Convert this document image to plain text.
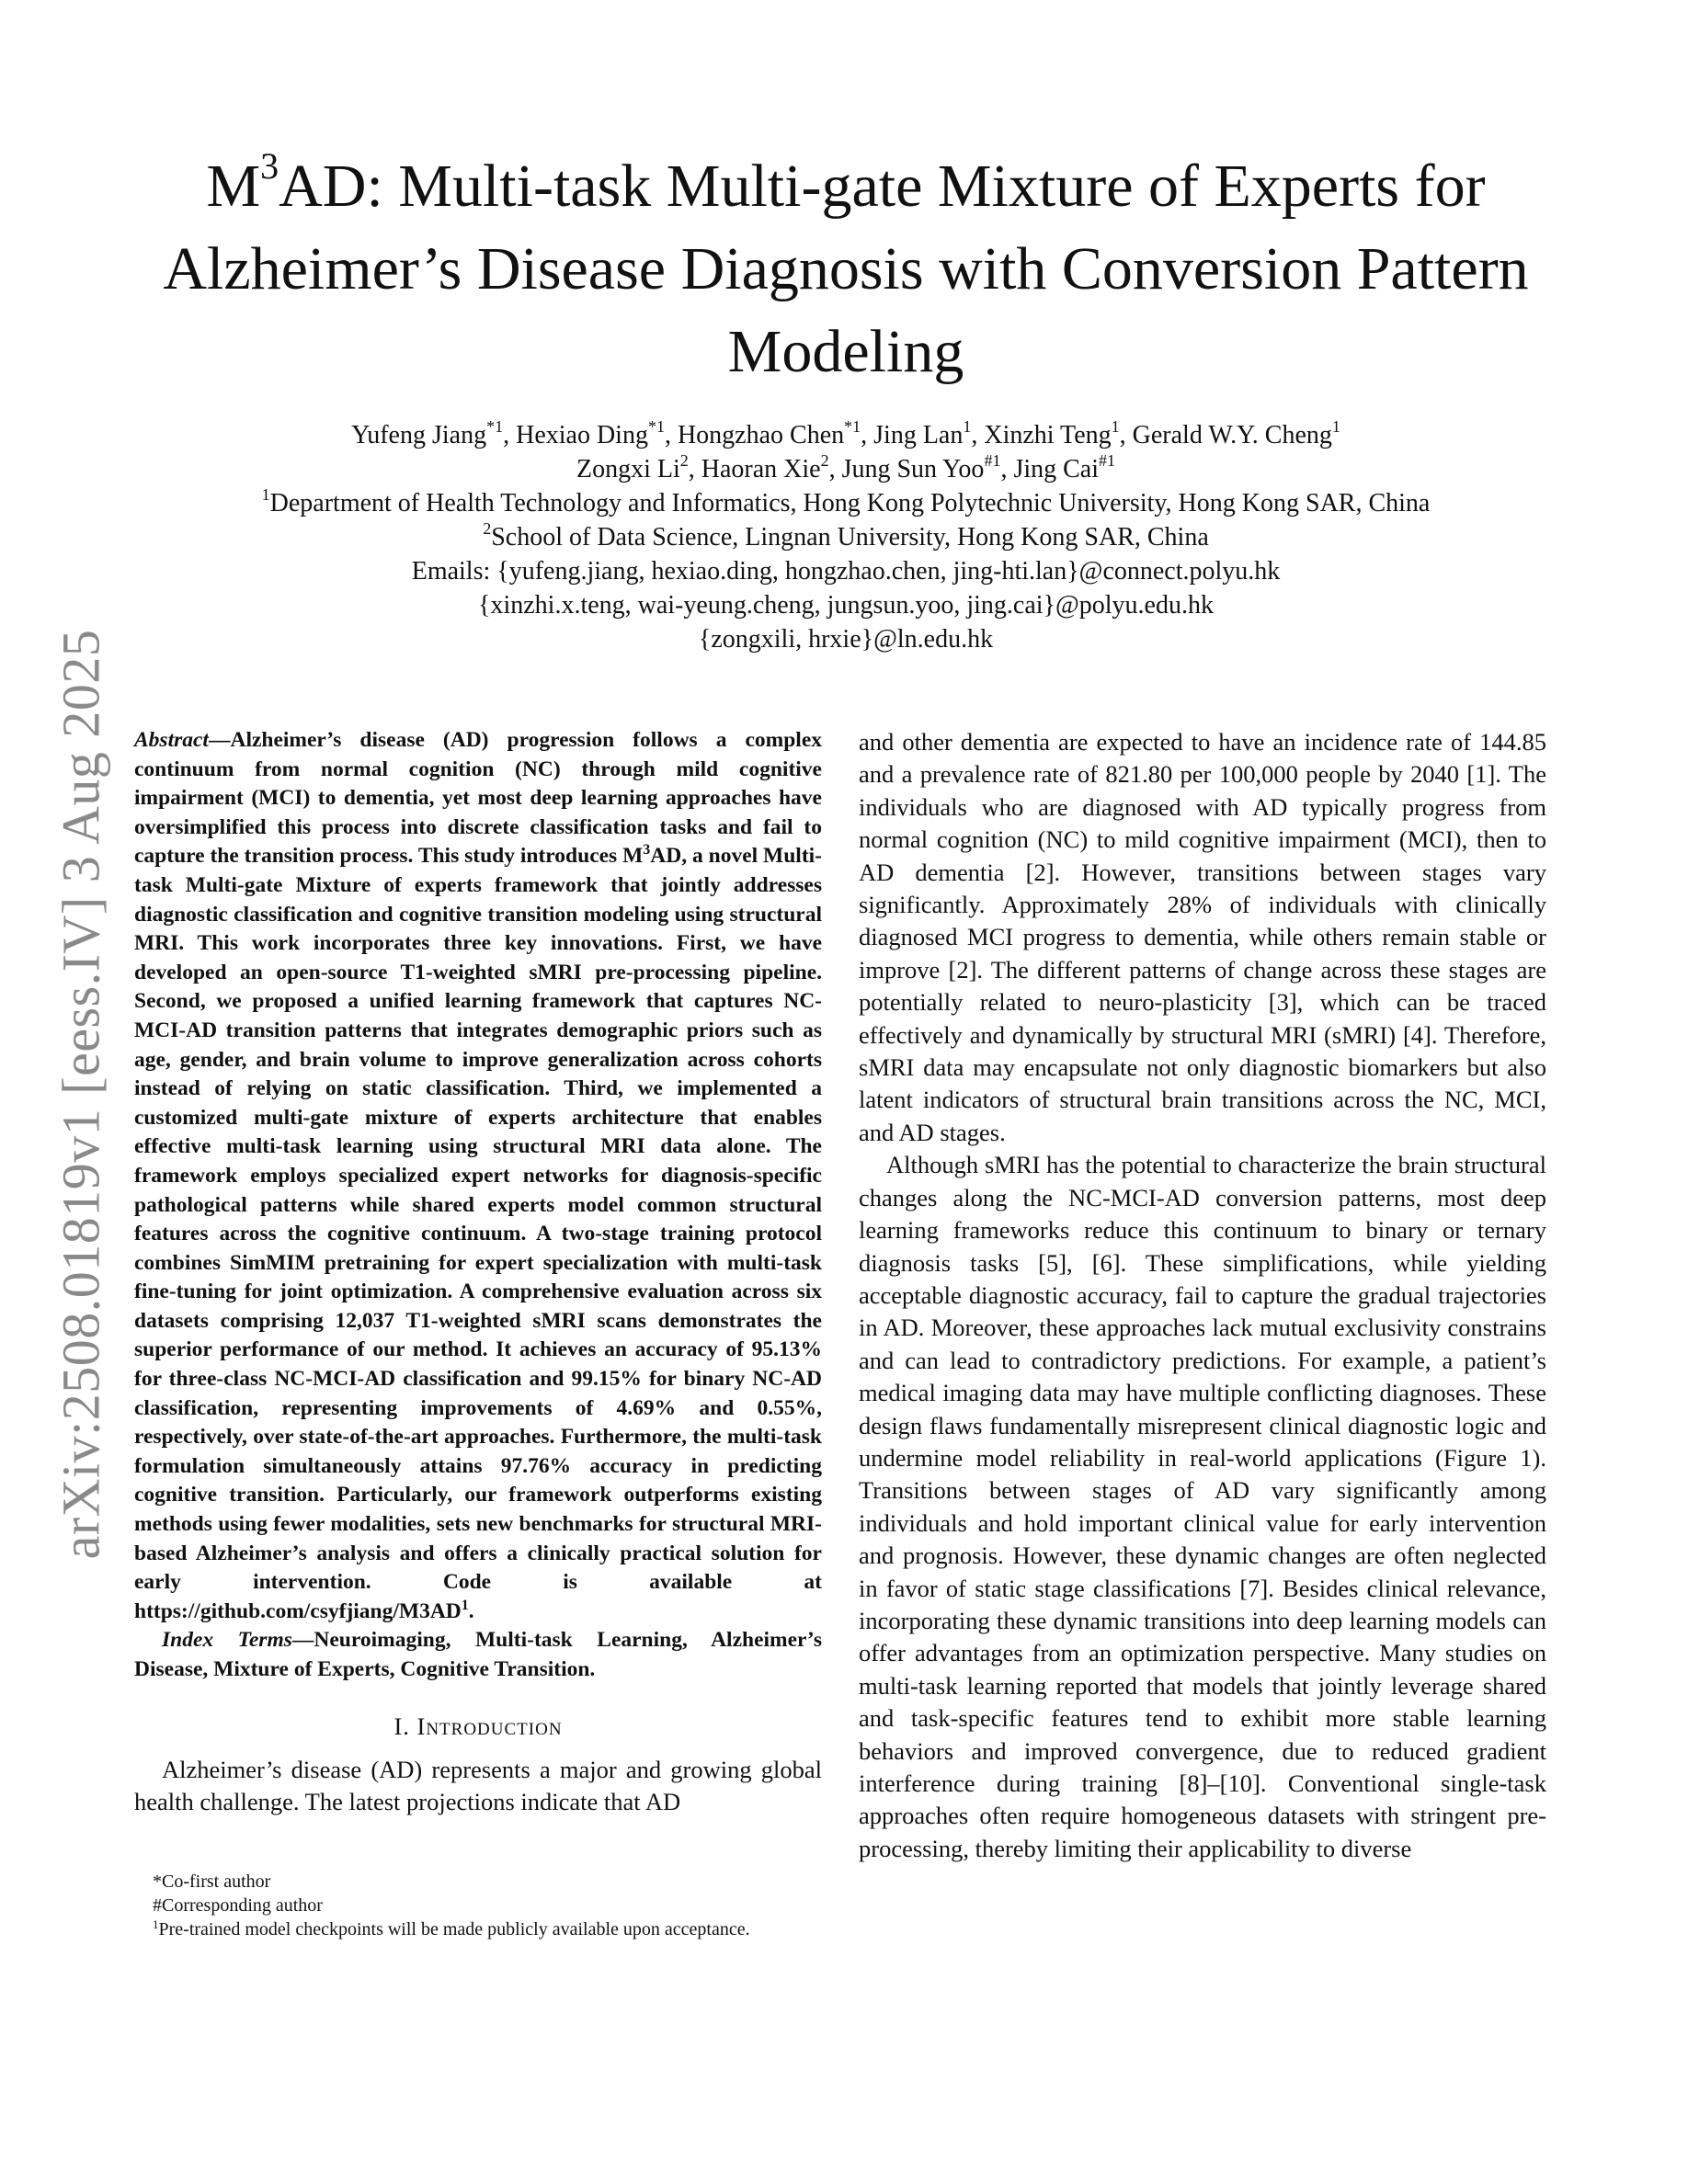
arXiv:2508.01819v1 [eess.IV] 3 Aug 2025
$M^3AD$: Multi-task Multi-gate Mixture of Experts for Alzheimer’s Disease Diagnosis with Conversion Pattern Modeling
Yufeng Jiang$^{*1}$, Hexiao Ding$^{*1}$, Hongzhao Chen$^{*1}$, Jing Lan$^1$, Xinzhi Teng$^1$, Gerald W.Y. Cheng$^1$
Zongxi Li$^2$, Haoran Xie$^2$, Jung Sun Yoo$^{\#1}$, Jing Cai$^{\#1}$
$^1$Department of Health Technology and Informatics, Hong Kong Polytechnic University, Hong Kong SAR, China
$^2$School of Data Science, Lingnan University, Hong Kong SAR, China
Emails: {yufeng.jiang, hexiao.ding, hongzhao.chen, jing-hti.lan}@connect.polyu.hk
{xinzhi.x.teng, wai-yeung.cheng, jungsun.yoo, jing.cai}@polyu.edu.hk
{zongxili, hrxie}@ln.edu.hk

Abstract—Alzheimer’s disease (AD) progression follows a complex continuum from normal cognition (NC) through mild cognitive impairment (MCI) to dementia, yet most deep learning approaches have oversimplified this process into discrete classification tasks and fail to capture the transition process. This study introduces $M^3AD$, a novel Multi-task Multi-gate Mixture of experts framework that jointly addresses diagnostic classification and cognitive transition modeling using structural MRI. This work incorporates three key innovations. First, we have developed an open-source T1-weighted sMRI pre-processing pipeline. Second, we proposed a unified learning framework that captures NC-MCI-AD transition patterns that integrates demographic priors such as age, gender, and brain volume to improve generalization across cohorts instead of relying on static classification. Third, we implemented a customized multi-gate mixture of experts architecture that enables effective multi-task learning using structural MRI data alone. The framework employs specialized expert networks for diagnosis-specific pathological patterns while shared experts model common structural features across the cognitive continuum. A two-stage training protocol combines SimMIM pretraining for expert specialization with multi-task fine-tuning for joint optimization. A comprehensive evaluation across six datasets comprising 12,037 T1-weighted sMRI scans demonstrates the superior performance of our method. It achieves an accuracy of 95.13% for three-class NC-MCI-AD classification and 99.15% for binary NC-AD classification, representing improvements of 4.69% and 0.55%, respectively, over state-of-the-art approaches. Furthermore, the multi-task formulation simultaneously attains 97.76% accuracy in predicting cognitive transition. Particularly, our framework outperforms existing methods using fewer modalities, sets new benchmarks for structural MRI-based Alzheimer’s analysis and offers a clinically practical solution for early intervention. Code is available at $https://github.com/csyfjiang/M3AD^1$.

Index Terms—Neuroimaging, Multi-task Learning, Alzheimer’s Disease, Mixture of Experts, Cognitive Transition.

I. Introduction

Alzheimer’s disease (AD) represents a major and growing global health challenge. The latest projections indicate that AD

*Co-first author

#Corresponding author

$^1$Pre-trained model checkpoints will be made publicly available upon acceptance.

and other dementia are expected to have an incidence rate of 144.85 and a prevalence rate of 821.80 per 100,000 people by 2040 [1]. The individuals who are diagnosed with AD typically progress from normal cognition (NC) to mild cognitive impairment (MCI), then to AD dementia [2]. However, transitions between stages vary significantly. Approximately 28% of individuals with clinically diagnosed MCI progress to dementia, while others remain stable or improve [2]. The different patterns of change across these stages are potentially related to neuro-plasticity [3], which can be traced effectively and dynamically by structural MRI (sMRI) [4]. Therefore, sMRI data may encapsulate not only diagnostic biomarkers but also latent indicators of structural brain transitions across the NC, MCI, and AD stages.

Although sMRI has the potential to characterize the brain structural changes along the NC-MCI-AD conversion patterns, most deep learning frameworks reduce this continuum to binary or ternary diagnosis tasks [5], [6]. These simplifications, while yielding acceptable diagnostic accuracy, fail to capture the gradual trajectories in AD. Moreover, these approaches lack mutual exclusivity constrains and can lead to contradictory predictions. For example, a patient’s medical imaging data may have multiple conflicting diagnoses. These design flaws fundamentally misrepresent clinical diagnostic logic and undermine model reliability in real-world applications (Figure 1). Transitions between stages of AD vary significantly among individuals and hold important clinical value for early intervention and prognosis. However, these dynamic changes are often neglected in favor of static stage classifications [7]. Besides clinical relevance, incorporating these dynamic transitions into deep learning models can offer advantages from an optimization perspective. Many studies on multi-task learning reported that models that jointly leverage shared and task-specific features tend to exhibit more stable learning behaviors and improved convergence, due to reduced gradient interference during training [8]–[10]. Conventional single-task approaches often require homogeneous datasets with stringent pre-processing, thereby limiting their applicability to diverse
